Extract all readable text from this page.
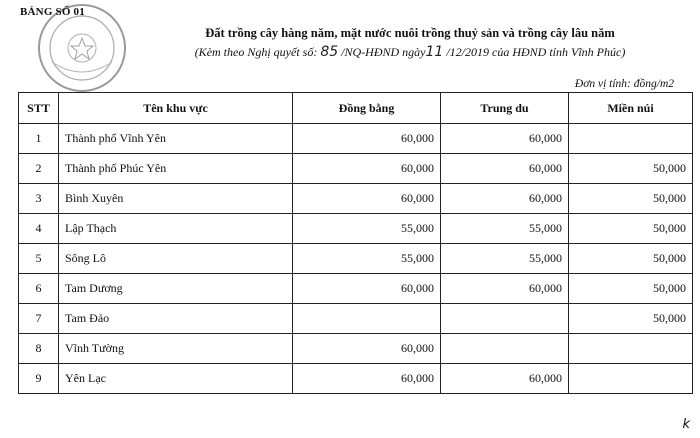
BẢNG SỐ 01
Đất trồng cây hàng năm, mặt nước nuôi trồng thuỷ sản và trồng cây lâu năm
(Kèm theo Nghị quyết số: 85 /NQ-HĐND ngày11 /12/2019 của HĐND tỉnh Vĩnh Phúc)
Đơn vị tính: đồng/m2
STT	Tên khu vực	Đồng bằng	Trung du	Miền núi
1	Thành phố Vĩnh Yên	60,000	60,000	
2	Thành phố Phúc Yên	60,000	60,000	50,000
3	Bình Xuyên	60,000	60,000	50,000
4	Lập Thạch	55,000	55,000	50,000
5	Sông Lô	55,000	55,000	50,000
6	Tam Dương	60,000	60,000	50,000
7	Tam Đảo			50,000
8	Vĩnh Tường	60,000		
9	Yên Lạc	60,000	60,000	
k
